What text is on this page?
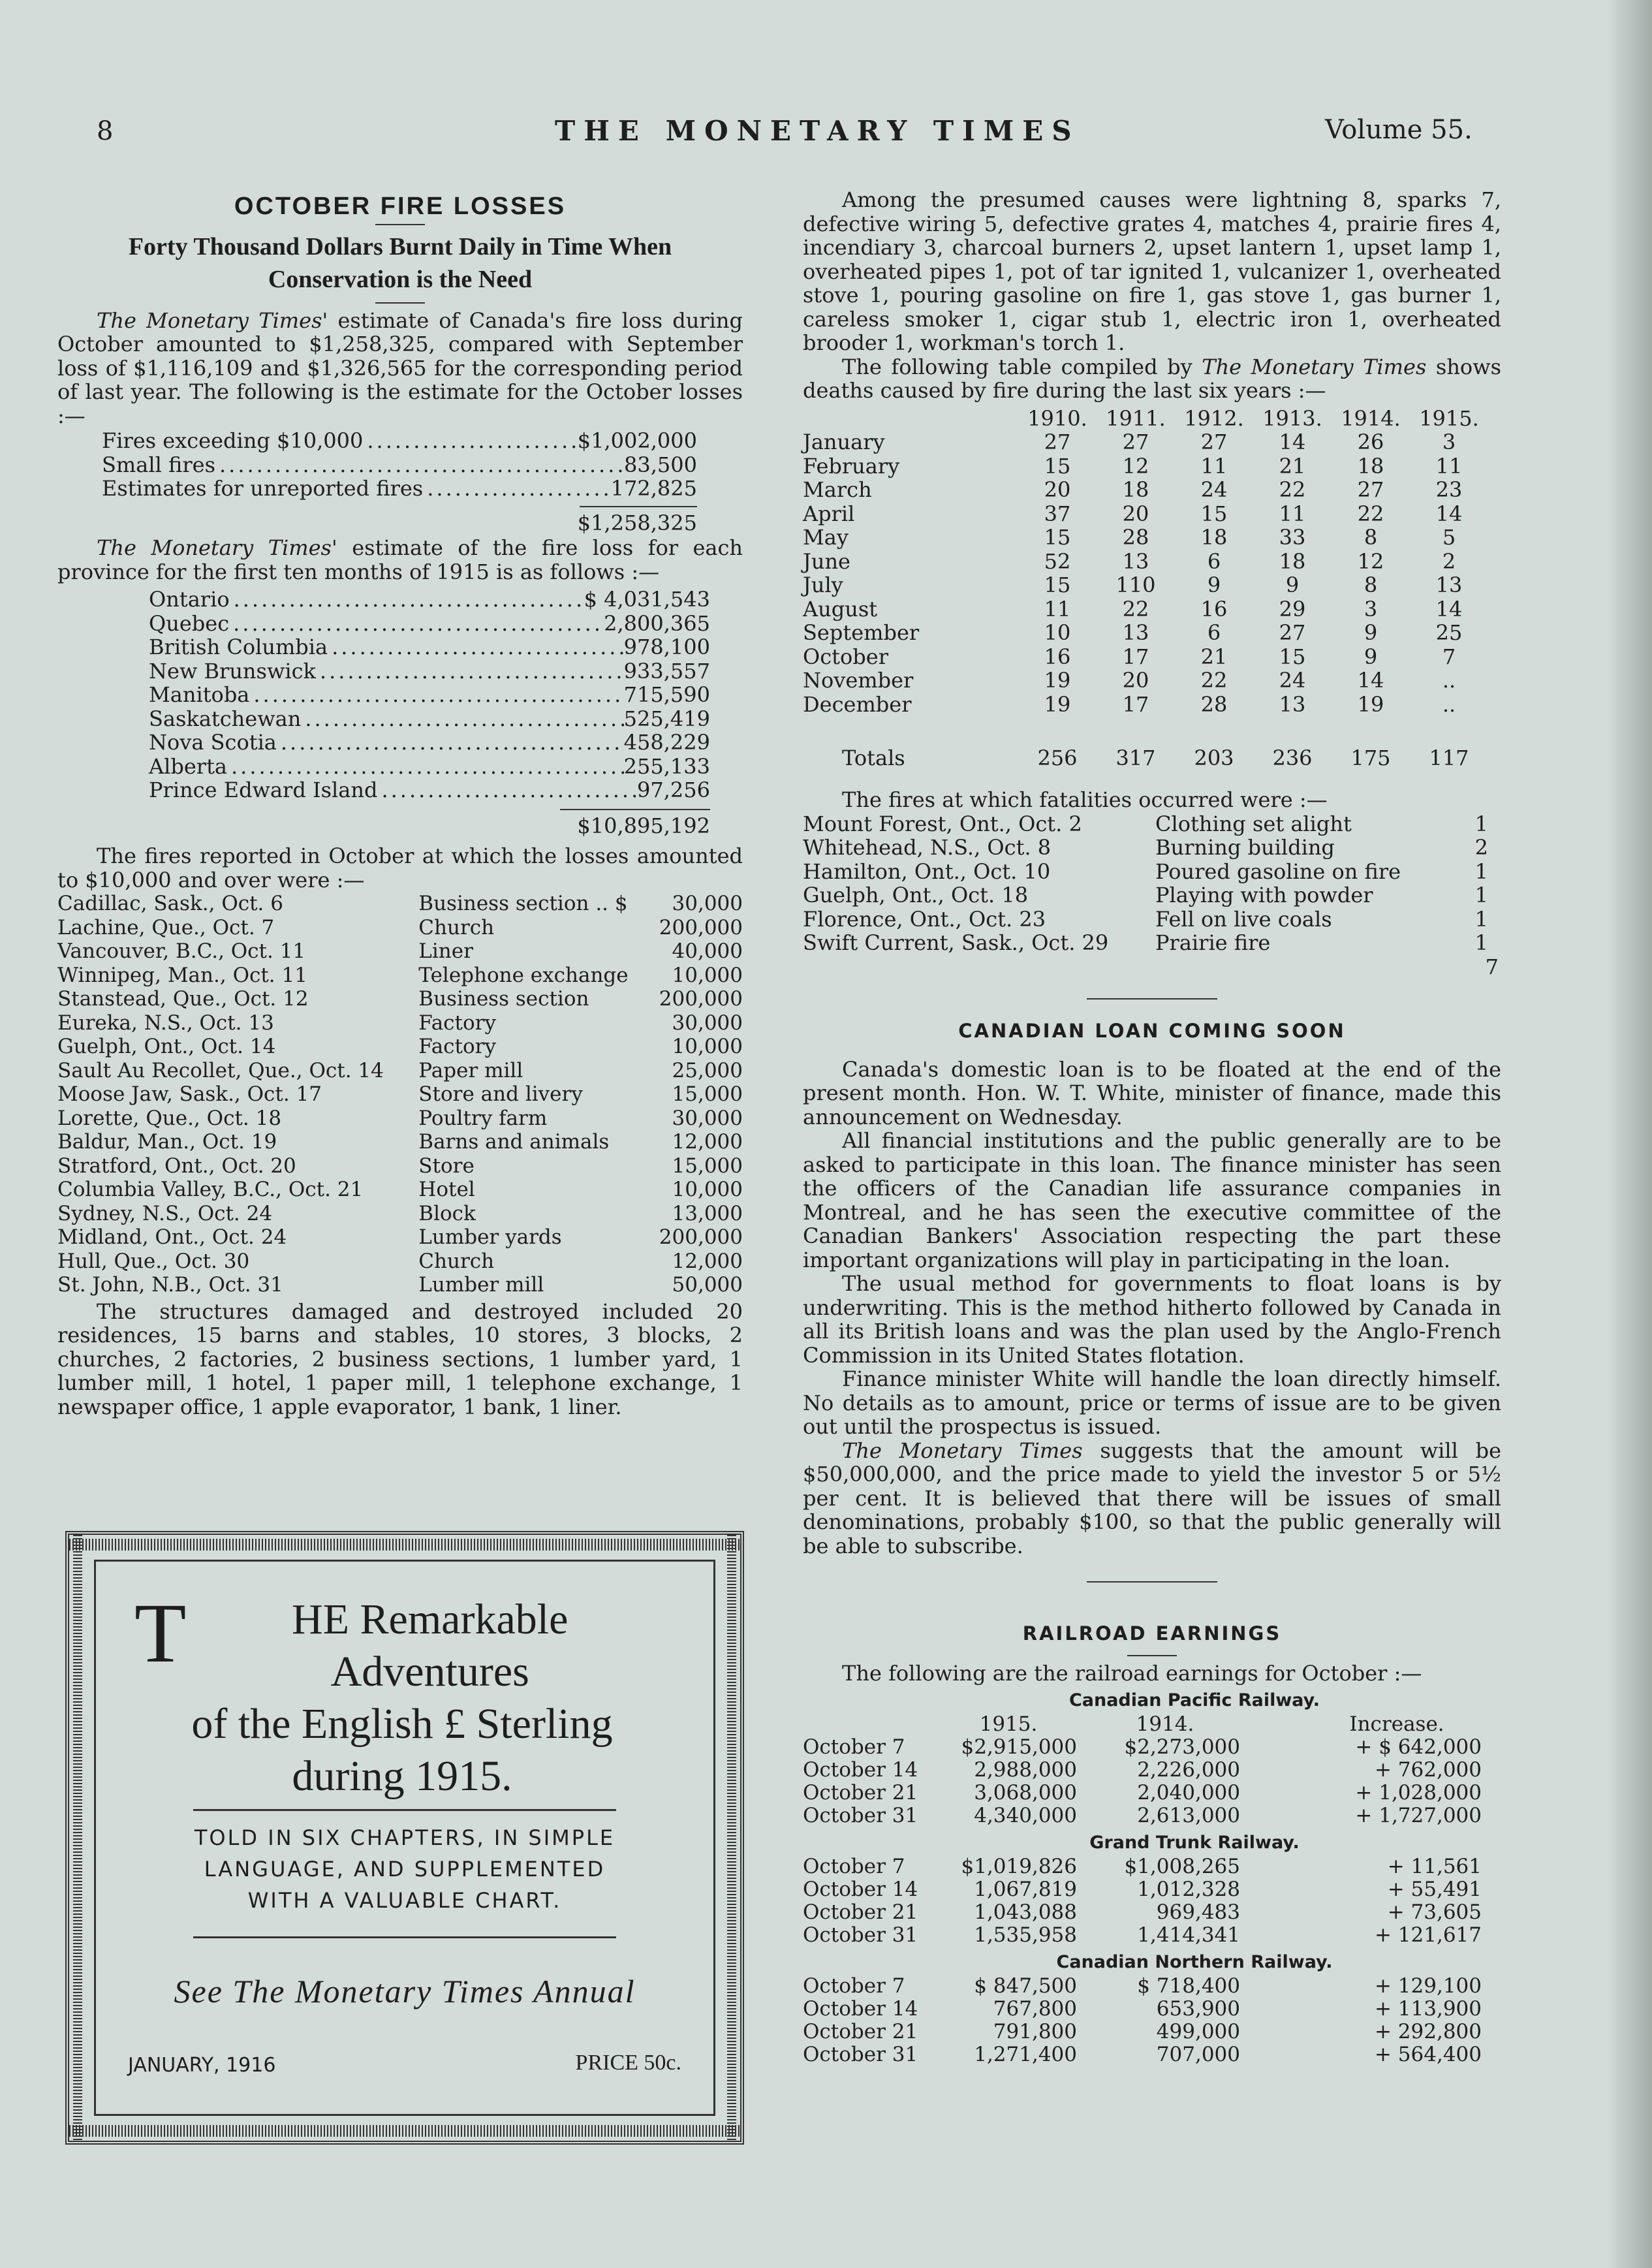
8	THE MONETARY TIMES	Volume 55.
OCTOBER FIRE LOSSES
Forty Thousand Dollars Burnt Daily in Time When Conservation is the Need

The Monetary Times' estimate of Canada's fire loss during October amounted to $1,258,325, compared with September loss of $1,116,109 and $1,326,565 for the corresponding period of last year. The following is the estimate for the October losses :—

Fires exceeding $10,000 .....	$1,002,000
Small fires .....	83,500
Estimates for unreported fires .....	172,825
$1,258,325

The Monetary Times' estimate of the fire loss for each province for the first ten months of 1915 is as follows :—

Ontario .....	$ 4,031,543
Quebec .....	2,800,365
British Columbia .....	978,100
New Brunswick .....	933,557
Manitoba .....	715,590
Saskatchewan .....	525,419
Nova Scotia .....	458,229
Alberta .....	255,133
Prince Edward Island .....	97,256
$10,895,192

The fires reported in October at which the losses amounted to $10,000 and over were :—

Cadillac, Sask., Oct. 6	Business section .. $	30,000
Lachine, Que., Oct. 7	Church	200,000
Vancouver, B.C., Oct. 11	Liner	40,000
Winnipeg, Man., Oct. 11	Telephone exchange	10,000
Stanstead, Que., Oct. 12	Business section	200,000
Eureka, N.S., Oct. 13	Factory	30,000
Guelph, Ont., Oct. 14	Factory	10,000
Sault Au Recollet, Que., Oct. 14	Paper mill	25,000
Moose Jaw, Sask., Oct. 17	Store and livery	15,000
Lorette, Que., Oct. 18	Poultry farm	30,000
Baldur, Man., Oct. 19	Barns and animals	12,000
Stratford, Ont., Oct. 20	Store	15,000
Columbia Valley, B.C., Oct. 21	Hotel	10,000
Sydney, N.S., Oct. 24	Block	13,000
Midland, Ont., Oct. 24	Lumber yards	200,000
Hull, Que., Oct. 30	Church	12,000
St. John, N.B., Oct. 31	Lumber mill	50,000

The structures damaged and destroyed included 20 residences, 15 barns and stables, 10 stores, 3 blocks, 2 churches, 2 factories, 2 business sections, 1 lumber yard, 1 lumber mill, 1 hotel, 1 paper mill, 1 telephone exchange, 1 newspaper office, 1 apple evaporator, 1 bank, 1 liner.

T	HE Remarkable Adventures
of the English £ Sterling
during 1915.
TOLD IN SIX CHAPTERS, IN SIMPLE LANGUAGE, AND SUPPLEMENTED WITH A VALUABLE CHART.
See The Monetary Times Annual
JANUARY, 1916	PRICE 50c.

Among the presumed causes were lightning 8, sparks 7, defective wiring 5, defective grates 4, matches 4, prairie fires 4, incendiary 3, charcoal burners 2, upset lantern 1, upset lamp 1, overheated pipes 1, pot of tar ignited 1, vulcanizer 1, overheated stove 1, pouring gasoline on fire 1, gas stove 1, gas burner 1, careless smoker 1, cigar stub 1, electric iron 1, overheated brooder 1, workman's torch 1.

The following table compiled by The Monetary Times shows deaths caused by fire during the last six years :—

	1910.	1911.	1912.	1913.	1914.	1915.
January	27	27	27	14	26	3
February	15	12	11	21	18	11
March	20	18	24	22	27	23
April	37	20	15	11	22	14
May	15	28	18	33	8	5
June	52	13	6	18	12	2
July	15	110	9	9	8	13
August	11	22	16	29	3	14
September	10	13	6	27	9	25
October	16	17	21	15	9	7
November	19	20	22	24	14	..
December	19	17	28	13	19	..
Totals	256	317	203	236	175	117

The fires at which fatalities occurred were :—

Mount Forest, Ont., Oct. 2	Clothing set alight	1
Whitehead, N.S., Oct. 8	Burning building	2
Hamilton, Ont., Oct. 10	Poured gasoline on fire	1
Guelph, Ont., Oct. 18	Playing with powder	1
Florence, Ont., Oct. 23	Fell on live coals	1
Swift Current, Sask., Oct. 29	Prairie fire	1
7
CANADIAN LOAN COMING SOON

Canada's domestic loan is to be floated at the end of the present month. Hon. W. T. White, minister of finance, made this announcement on Wednesday.

All financial institutions and the public generally are to be asked to participate in this loan. The finance minister has seen the officers of the Canadian life assurance companies in Montreal, and he has seen the executive committee of the Canadian Bankers' Association respecting the part these important organizations will play in participating in the loan.

The usual method for governments to float loans is by underwriting. This is the method hitherto followed by Canada in all its British loans and was the plan used by the Anglo-French Commission in its United States flotation.

Finance minister White will handle the loan directly himself. No details as to amount, price or terms of issue are to be given out until the prospectus is issued.

The Monetary Times suggests that the amount will be $50,000,000, and the price made to yield the investor 5 or 5½ per cent. It is believed that there will be issues of small denominations, probably $100, so that the public generally will be able to subscribe.

RAILROAD EARNINGS

The following are the railroad earnings for October :—

Canadian Pacific Railway.			
	1915.	1914.	Increase.
October 7	$2,915,000	$2,273,000	+ $ 642,000
October 14	2,988,000	2,226,000	+ 762,000
October 21	3,068,000	2,040,000	+ 1,028,000
October 31	4,340,000	2,613,000	+ 1,727,000
Grand Trunk Railway.			
October 7	$1,019,826	$1,008,265	+ 11,561
October 14	1,067,819	1,012,328	+ 55,491
October 21	1,043,088	969,483	+ 73,605
October 31	1,535,958	1,414,341	+ 121,617
Canadian Northern Railway.			
October 7	$ 847,500	$ 718,400	+ 129,100
October 14	767,800	653,900	+ 113,900
October 21	791,800	499,000	+ 292,800
October 31	1,271,400	707,000	+ 564,400
